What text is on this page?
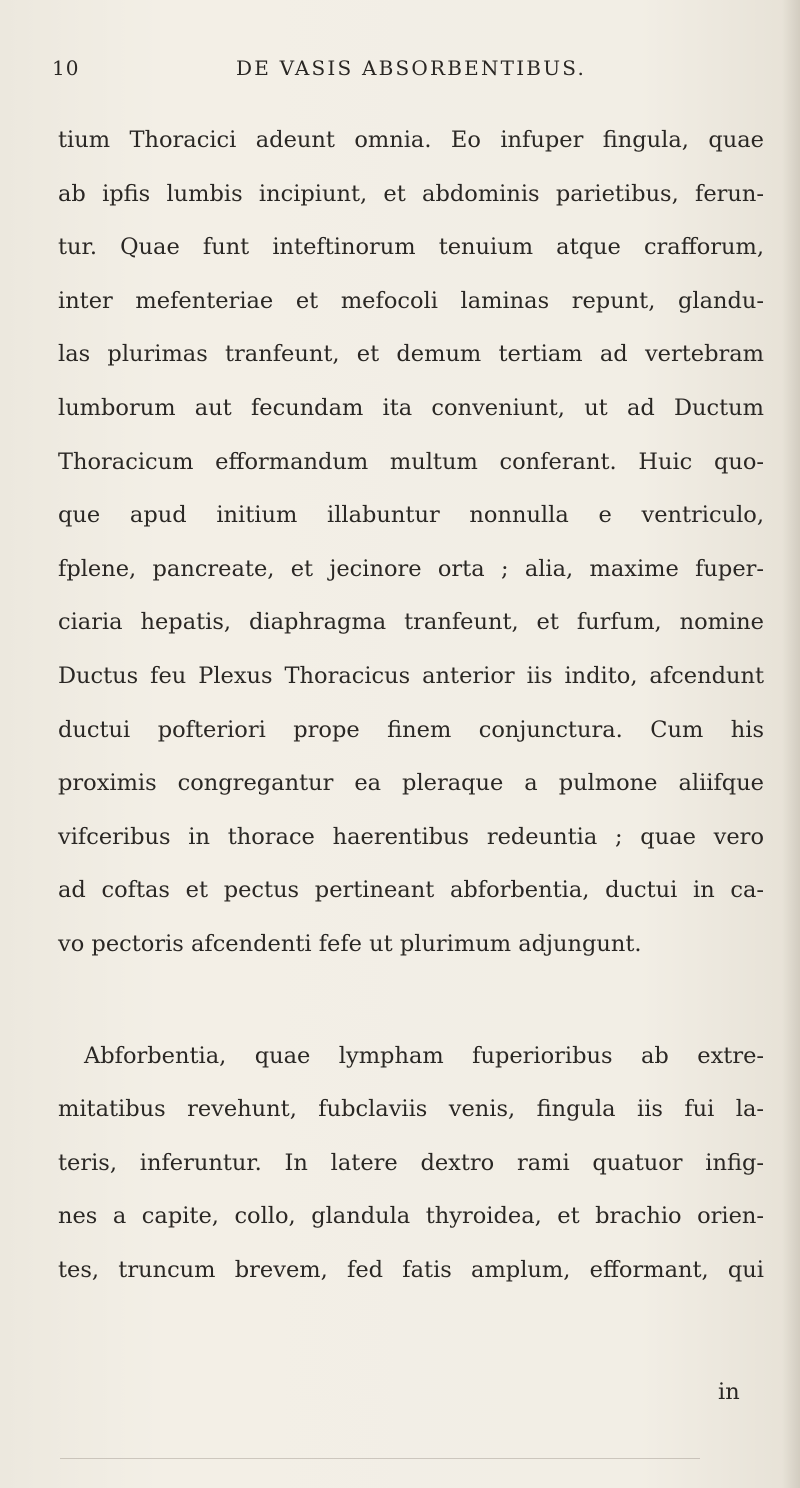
10	DE VASIS ABSORBENTIBUS.
tium Thoracici adeunt omnia. Eo infuper fingula, quae
ab ipfis lumbis incipiunt, et abdominis parietibus, ferun-
tur. Quae funt inteftinorum tenuium atque crafforum,
inter mefenteriae et mefocoli laminas repunt, glandu-
las plurimas tranfeunt, et demum tertiam ad vertebram
lumborum aut fecundam ita conveniunt, ut ad Ductum
Thoracicum efformandum multum conferant. Huic quo-
que apud initium illabuntur nonnulla e ventriculo,
fplene, pancreate, et jecinore orta ; alia, maxime fuper-
ciaria hepatis, diaphragma tranfeunt, et furfum, nomine
Ductus feu Plexus Thoracicus anterior iis indito, afcendunt
ductui pofteriori prope finem conjunctura. Cum his
proximis congregantur ea pleraque a pulmone aliifque
vifceribus in thorace haerentibus redeuntia ; quae vero
ad coftas et pectus pertineant abforbentia, ductui in ca-
vo pectoris afcendenti fefe ut plurimum adjungunt.
Abforbentia, quae lympham fuperioribus ab extre-
mitatibus revehunt, fubclaviis venis, fingula iis fui la-
teris, inferuntur. In latere dextro rami quatuor infig-
nes a capite, collo, glandula thyroidea, et brachio orien-
tes, truncum brevem, fed fatis amplum, efformant, qui
in
